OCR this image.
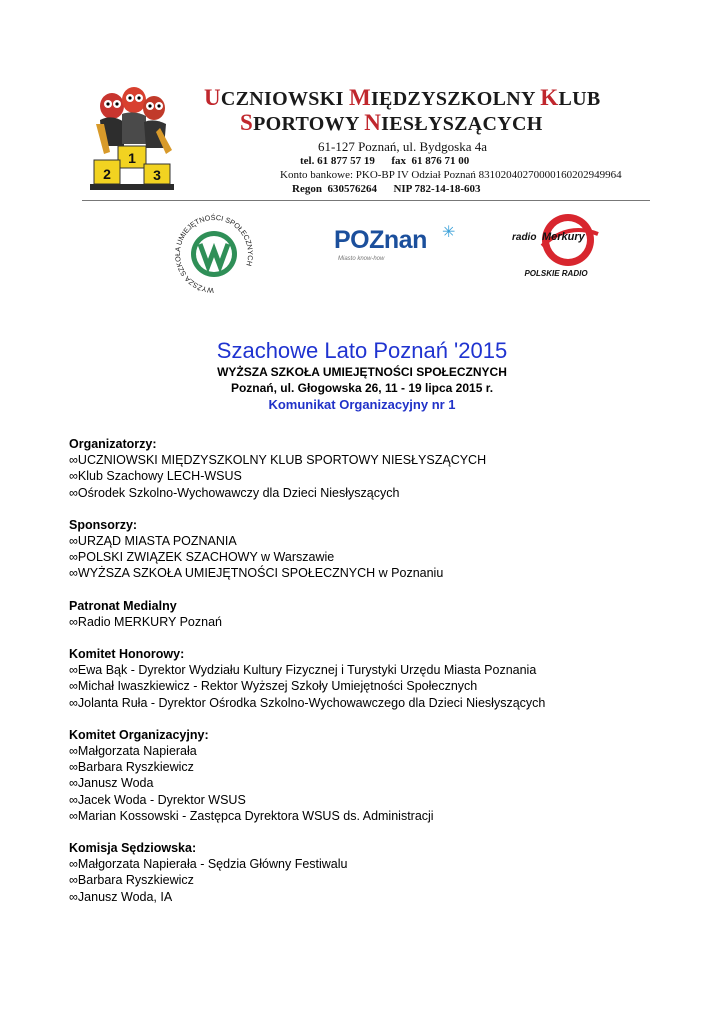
1
2	3
UCZNIOWSKI MIĘDZYSZKOLNY KLUB
SPORTOWY NIESŁYSZĄCYCH
61-127 Poznań, ul. Bydgoska 4a
tel. 61 877 57 19      fax  61 876 71 00
Konto bankowe: PKO-BP IV Odział Poznań 83102040270000160202949964
Regon  630576264      NIP 782-14-18-603
WYŻSZA SZKOŁA UMIEJĘTNOŚCI SPOŁECZNYCH
POZnan ✳
Miasto know-how
radio Merkury
POLSKIE RADIO
Szachowe Lato Poznań '2015
WYŻSZA SZKOŁA UMIEJĘTNOŚCI SPOŁECZNYCH
Poznań, ul. Głogowska 26, 11 - 19 lipca 2015 r.
Komunikat Organizacyjny nr 1
Organizatorzy:
∞UCZNIOWSKI MIĘDZYSZKOLNY KLUB SPORTOWY NIESŁYSZĄCYCH
∞Klub Szachowy LECH-WSUS
∞Ośrodek Szkolno-Wychowawczy dla Dzieci Niesłyszących
Sponsorzy:
∞URZĄD MIASTA POZNANIA
∞POLSKI ZWIĄZEK SZACHOWY w Warszawie
∞WYŻSZA SZKOŁA UMIEJĘTNOŚCI SPOŁECZNYCH w Poznaniu
Patronat Medialny
∞Radio MERKURY Poznań
Komitet Honorowy:
∞Ewa Bąk - Dyrektor Wydziału Kultury Fizycznej i Turystyki Urzędu Miasta Poznania
∞Michał Iwaszkiewicz - Rektor Wyższej Szkoły Umiejętności Społecznych
∞Jolanta Ruła - Dyrektor Ośrodka Szkolno-Wychowawczego dla Dzieci Niesłyszących
Komitet Organizacyjny:
∞Małgorzata Napierała
∞Barbara Ryszkiewicz
∞Janusz Woda
∞Jacek Woda - Dyrektor WSUS
∞Marian Kossowski - Zastępca Dyrektora WSUS ds. Administracji
Komisja Sędziowska:
∞Małgorzata Napierała - Sędzia Główny Festiwalu
∞Barbara Ryszkiewicz
∞Janusz Woda, IA
